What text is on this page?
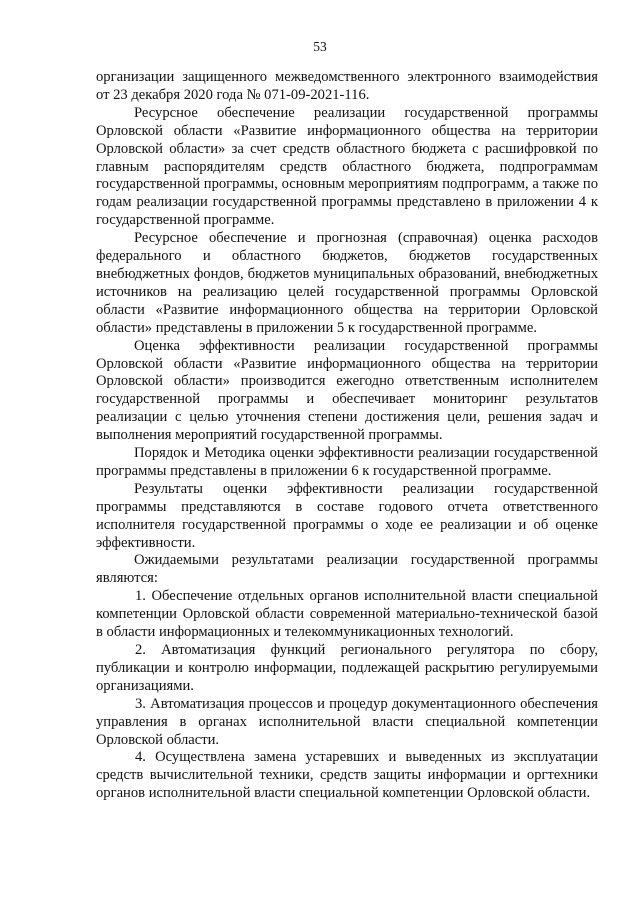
53

организации защищенного межведомственного электронного взаимодействия от 23 декабря 2020 года № 071-09-2021-116.

Ресурсное обеспечение реализации государственной программы Орловской области «Развитие информационного общества на территории Орловской области» за счет средств областного бюджета с расшифровкой по главным распорядителям средств областного бюджета, подпрограммам государственной программы, основным мероприятиям подпрограмм, а также по годам реализации государственной программы представлено в приложении 4 к государственной программе.

Ресурсное обеспечение и прогнозная (справочная) оценка расходов федерального и областного бюджетов, бюджетов государственных внебюджетных фондов, бюджетов муниципальных образований, внебюджетных источников на реализацию целей государственной программы Орловской области «Развитие информационного общества на территории Орловской области» представлены в приложении 5 к государственной программе.

Оценка эффективности реализации государственной программы Орловской области «Развитие информационного общества на территории Орловской области» производится ежегодно ответственным исполнителем государственной программы и обеспечивает мониторинг результатов реализации с целью уточнения степени достижения цели, решения задач и выполнения мероприятий государственной программы.

Порядок и Методика оценки эффективности реализации государственной программы представлены в приложении 6 к государственной программе.

Результаты оценки эффективности реализации государственной программы представляются в составе годового отчета ответственного исполнителя государственной программы о ходе ее реализации и об оценке эффективности.

Ожидаемыми результатами реализации государственной программы являются:

1. Обеспечение отдельных органов исполнительной власти специальной компетенции Орловской области современной материально-технической базой в области информационных и телекоммуникационных технологий.

2. Автоматизация функций регионального регулятора по сбору, публикации и контролю информации, подлежащей раскрытию регулируемыми организациями.

3. Автоматизация процессов и процедур документационного обеспечения управления в органах исполнительной власти специальной компетенции Орловской области.

4. Осуществлена замена устаревших и выведенных из эксплуатации средств вычислительной техники, средств защиты информации и оргтехники органов исполнительной власти специальной компетенции Орловской области.
